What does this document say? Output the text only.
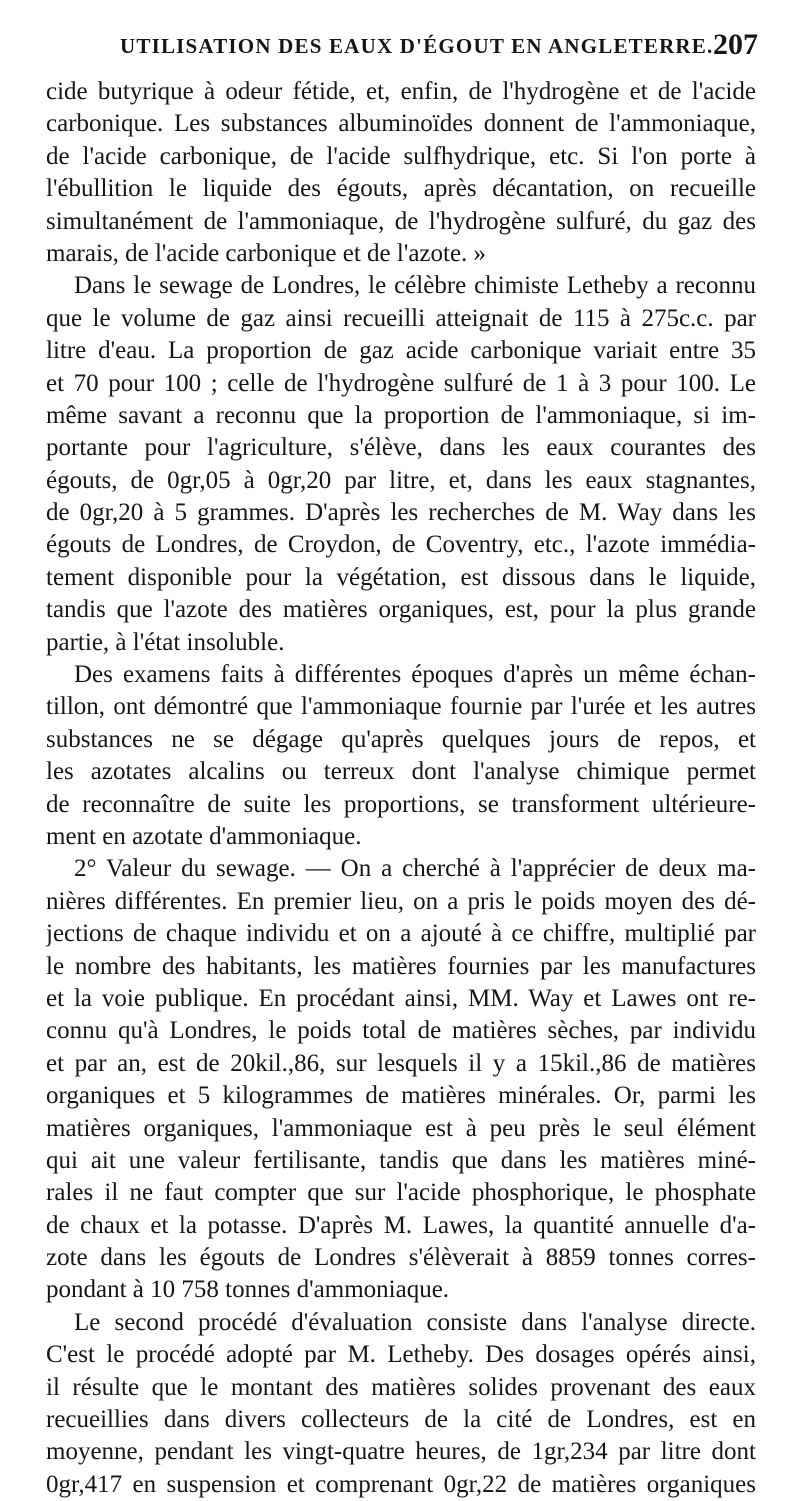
UTILISATION DES EAUX D'ÉGOUT EN ANGLETERRE. 207
cide butyrique à odeur fétide, et, enfin, de l'hydrogène et de l'acide
carbonique. Les substances albuminoïdes donnent de l'ammoniaque,
de l'acide carbonique, de l'acide sulfhydrique, etc. Si l'on porte à
l'ébullition le liquide des égouts, après décantation, on recueille
simultanément de l'ammoniaque, de l'hydrogène sulfuré, du gaz des
marais, de l'acide carbonique et de l'azote. »
Dans le sewage de Londres, le célèbre chimiste Letheby a reconnu
que le volume de gaz ainsi recueilli atteignait de 115 à 275c.c. par
litre d'eau. La proportion de gaz acide carbonique variait entre 35
et 70 pour 100 ; celle de l'hydrogène sulfuré de 1 à 3 pour 100. Le
même savant a reconnu que la proportion de l'ammoniaque, si im-
portante pour l'agriculture, s'élève, dans les eaux courantes des
égouts, de 0gr,05 à 0gr,20 par litre, et, dans les eaux stagnantes,
de 0gr,20 à 5 grammes. D'après les recherches de M. Way dans les
égouts de Londres, de Croydon, de Coventry, etc., l'azote immédia-
tement disponible pour la végétation, est dissous dans le liquide,
tandis que l'azote des matières organiques, est, pour la plus grande
partie, à l'état insoluble.
Des examens faits à différentes époques d'après un même échan-
tillon, ont démontré que l'ammoniaque fournie par l'urée et les autres
substances ne se dégage qu'après quelques jours de repos, et
les azotates alcalins ou terreux dont l'analyse chimique permet
de reconnaître de suite les proportions, se transforment ultérieure-
ment en azotate d'ammoniaque.
2° Valeur du sewage. — On a cherché à l'apprécier de deux ma-
nières différentes. En premier lieu, on a pris le poids moyen des dé-
jections de chaque individu et on a ajouté à ce chiffre, multiplié par
le nombre des habitants, les matières fournies par les manufactures
et la voie publique. En procédant ainsi, MM. Way et Lawes ont re-
connu qu'à Londres, le poids total de matières sèches, par individu
et par an, est de 20kil.,86, sur lesquels il y a 15kil.,86 de matières
organiques et 5 kilogrammes de matières minérales. Or, parmi les
matières organiques, l'ammoniaque est à peu près le seul élément
qui ait une valeur fertilisante, tandis que dans les matières miné-
rales il ne faut compter que sur l'acide phosphorique, le phosphate
de chaux et la potasse. D'après M. Lawes, la quantité annuelle d'a-
zote dans les égouts de Londres s'élèverait à 8859 tonnes corres-
pondant à 10 758 tonnes d'ammoniaque.
Le second procédé d'évaluation consiste dans l'analyse directe.
C'est le procédé adopté par M. Letheby. Des dosages opérés ainsi,
il résulte que le montant des matières solides provenant des eaux
recueillies dans divers collecteurs de la cité de Londres, est en
moyenne, pendant les vingt-quatre heures, de 1gr,234 par litre dont
0gr,417 en suspension et comprenant 0gr,22 de matières organiques
